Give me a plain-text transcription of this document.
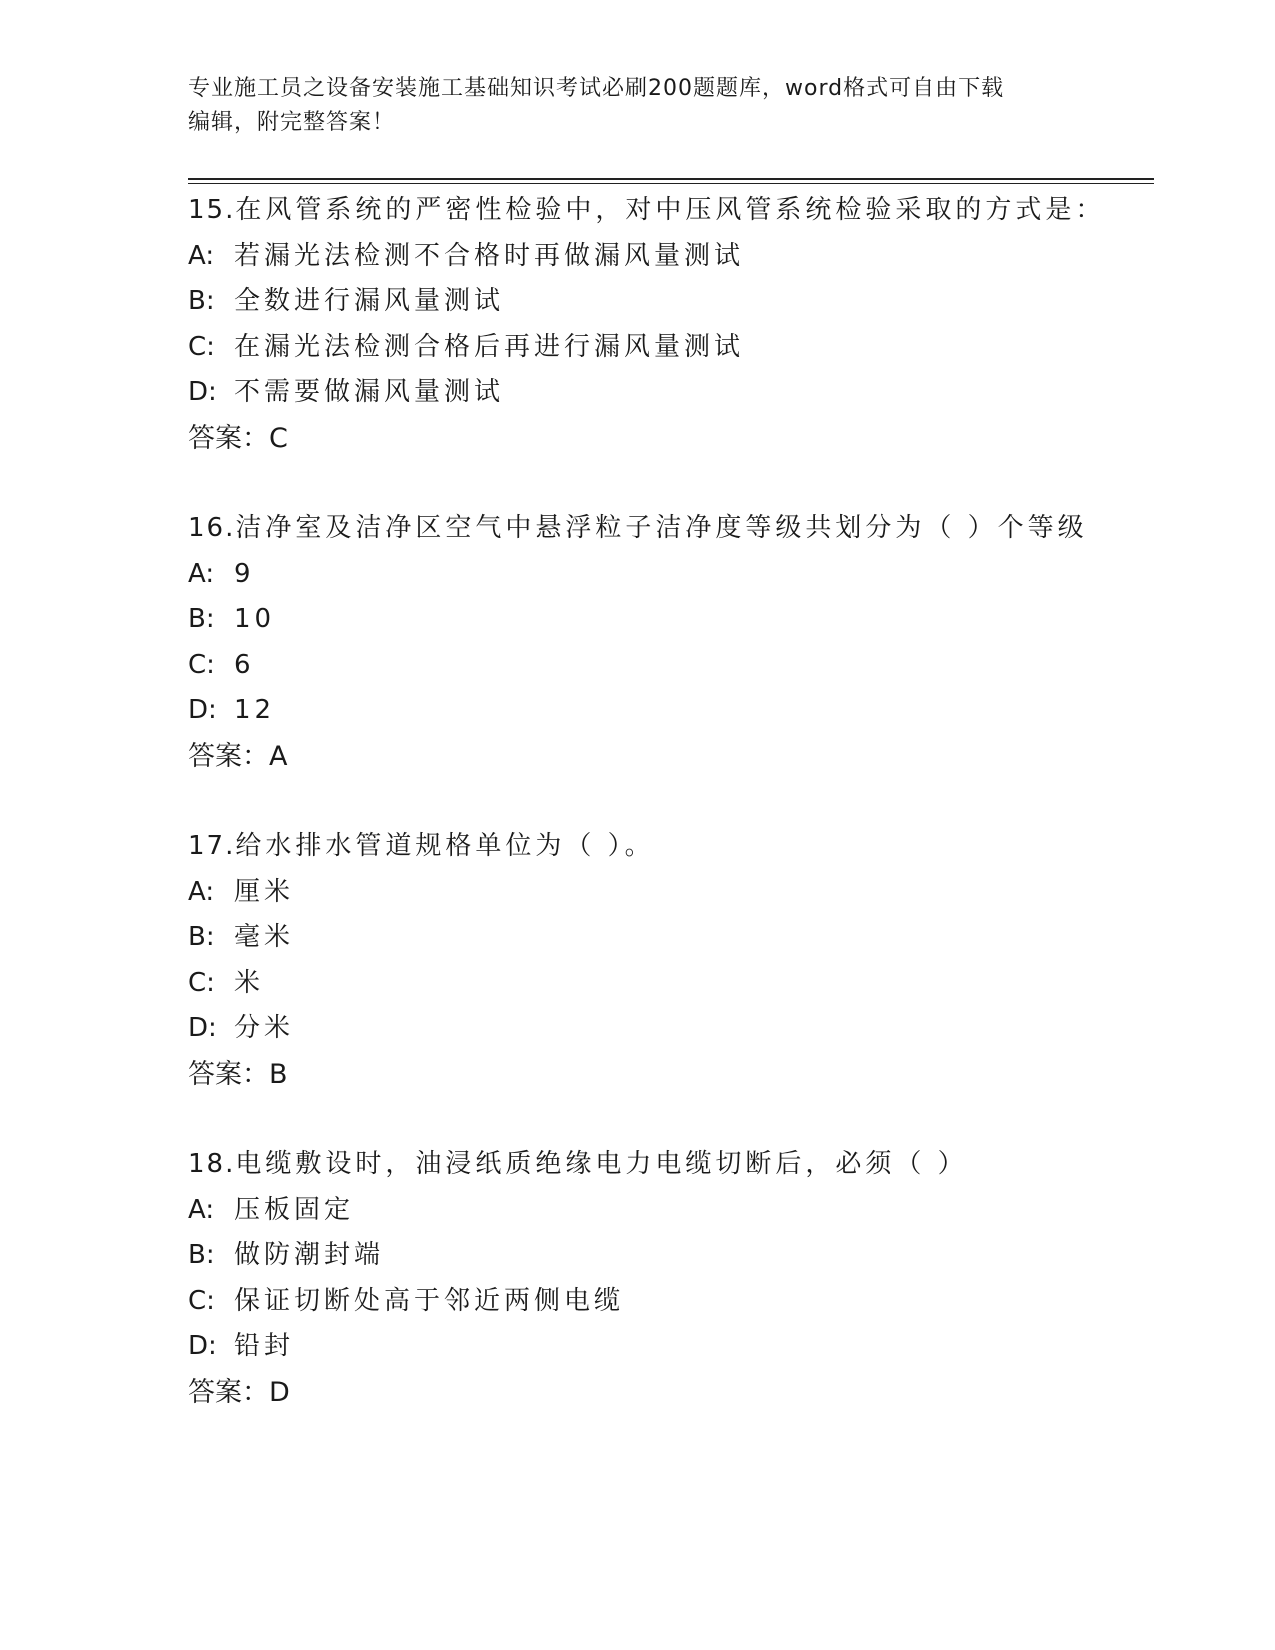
专业施工员之设备安装施工基础知识考试必刷200题题库，word格式可自由下载
编辑，附完整答案！
15.在风管系统的严密性检验中，对中压风管系统检验采取的方式是：
A: 若漏光法检测不合格时再做漏风量测试
B: 全数进行漏风量测试
C: 在漏光法检测合格后再进行漏风量测试
D: 不需要做漏风量测试
答案：C
16.洁净室及洁净区空气中悬浮粒子洁净度等级共划分为（ ）个等级
A: 9
B: 10
C: 6
D: 12
答案：A
17.给水排水管道规格单位为（ ）。
A: 厘米
B: 毫米
C: 米
D: 分米
答案：B
18.电缆敷设时，油浸纸质绝缘电力电缆切断后，必须（ ）
A: 压板固定
B: 做防潮封端
C: 保证切断处高于邻近两侧电缆
D: 铅封
答案：D
